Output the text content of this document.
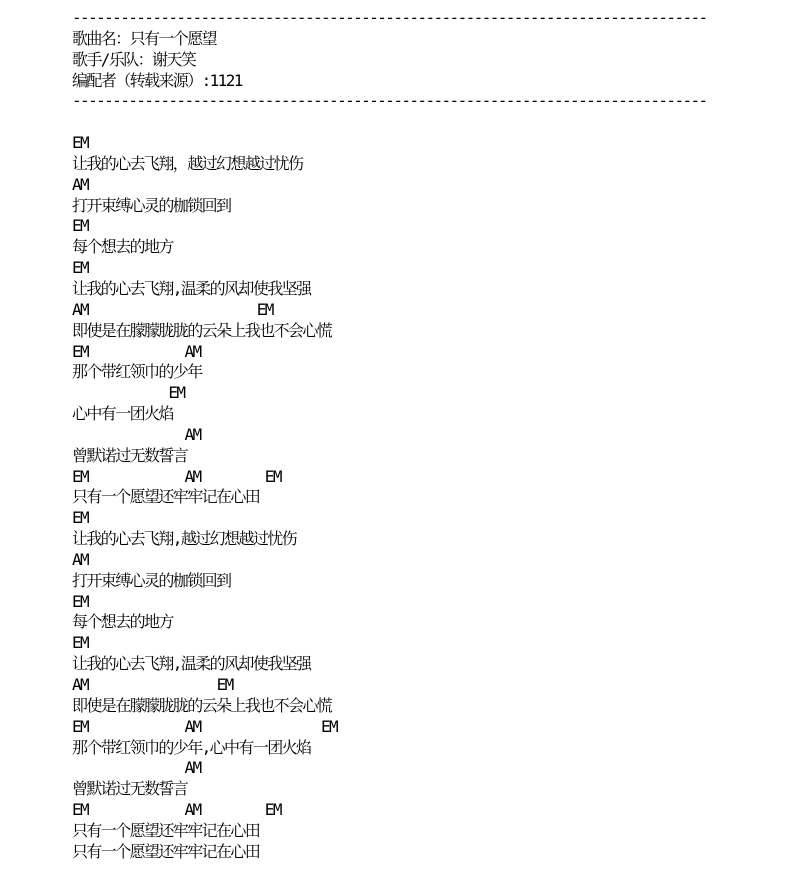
-------------------------------------------------------------------------------
歌曲名：只有一个愿望
歌手/乐队：谢天笑
编配者（转载来源）:1121
-------------------------------------------------------------------------------
EM
让我的心去飞翔，越过幻想越过忧伤
AM
打开束缚心灵的枷锁回到
EM
每个想去的地方
EM
让我的心去飞翔,温柔的风却使我坚强
AM                     EM
即使是在朦朦胧胧的云朵上我也不会心慌
EM            AM
那个带红领巾的少年
EM
心中有一团火焰
AM
曾默诺过无数誓言
EM            AM        EM
只有一个愿望还牢牢记在心田
EM
让我的心去飞翔,越过幻想越过忧伤
AM
打开束缚心灵的枷锁回到
EM
每个想去的地方
EM
让我的心去飞翔,温柔的风却使我坚强
AM                EM
即使是在朦朦胧胧的云朵上我也不会心慌
EM            AM               EM
那个带红领巾的少年,心中有一团火焰
AM
曾默诺过无数誓言
EM            AM        EM
只有一个愿望还牢牢记在心田
只有一个愿望还牢牢记在心田
